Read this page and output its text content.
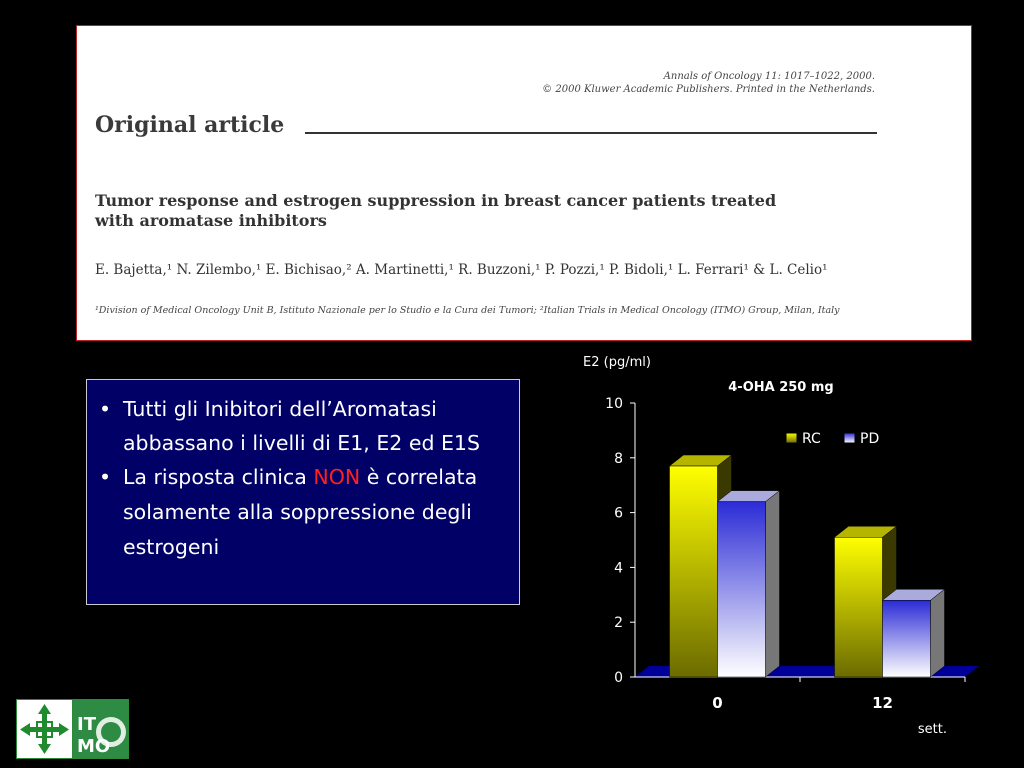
Annals of Oncology 11: 1017–1022, 2000.
© 2000 Kluwer Academic Publishers. Printed in the Netherlands.
Original article
Tumor response and estrogen suppression in breast cancer patients treated with aromatase inhibitors
E. Bajetta,¹ N. Zilembo,¹ E. Bichisao,² A. Martinetti,¹ R. Buzzoni,¹ P. Pozzi,¹ P. Bidoli,¹ L. Ferrari¹ & L. Celio¹
¹Division of Medical Oncology Unit B, Istituto Nazionale per lo Studio e la Cura dei Tumori; ²Italian Trials in Medical Oncology (ITMO) Group, Milan, Italy

• Tutti gli Inibitori dell’Aromatasi abbassano i livelli di E1, E2 ed E1S

• La risposta clinica NON è correlata solamente alla soppressione degli estrogeni

E2 (pg/ml)
4-OHA 250 mg
sett.
0
2
4
6
8
10
0	12
RC	PD
IT
MO
